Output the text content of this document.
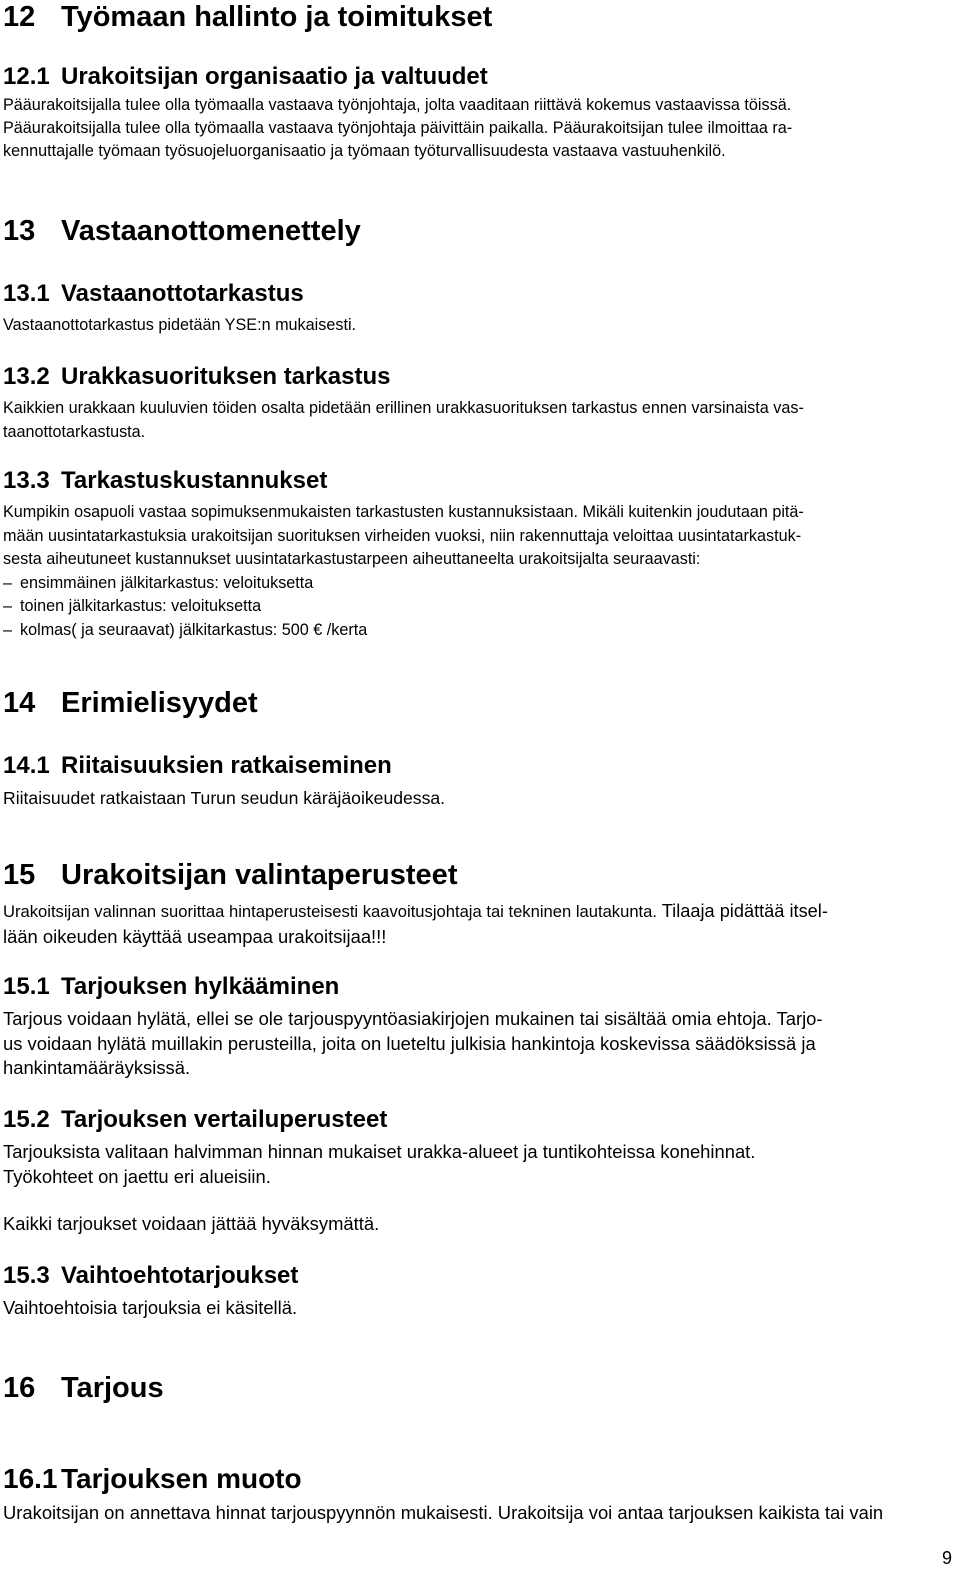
12 Työmaan hallinto ja toimitukset
12.1 Urakoitsijan organisaatio ja valtuudet

Pääurakoitsijalla tulee olla työmaalla vastaava työnjohtaja, jolta vaaditaan riittävä kokemus vastaavissa töissä.

Pääurakoitsijalla tulee olla työmaalla vastaava työnjohtaja päivittäin paikalla. Pääurakoitsijan tulee ilmoittaa ra-

kennuttajalle työmaan työsuojeluorganisaatio ja työmaan työturvallisuudesta vastaava vastuuhenkilö.

13 Vastaanottomenettely
13.1 Vastaanottotarkastus

Vastaanottotarkastus pidetään YSE:n mukaisesti.

13.2 Urakkasuorituksen tarkastus

Kaikkien urakkaan kuuluvien töiden osalta pidetään erillinen urakkasuorituksen tarkastus ennen varsinaista vas-

taanottotarkastusta.

13.3 Tarkastuskustannukset

Kumpikin osapuoli vastaa sopimuksenmukaisten tarkastusten kustannuksistaan. Mikäli kuitenkin joudutaan pitä-

mään uusintatarkastuksia urakoitsijan suorituksen virheiden vuoksi, niin rakennuttaja veloittaa uusintatarkastuk-

sesta aiheutuneet kustannukset uusintatarkastustarpeen aiheuttaneelta urakoitsijalta seuraavasti:

– ensimmäinen jälkitarkastus: veloituksetta
– toinen jälkitarkastus: veloituksetta
– kolmas( ja seuraavat) jälkitarkastus: 500 € /kerta
14 Erimielisyydet
14.1 Riitaisuuksien ratkaiseminen

Riitaisuudet ratkaistaan Turun seudun käräjäoikeudessa.

15 Urakoitsijan valintaperusteet

Urakoitsijan valinnan suorittaa hintaperusteisesti kaavoitusjohtaja tai tekninen lautakunta. Tilaaja pidättää itsel-

lään oikeuden käyttää useampaa urakoitsijaa!!!

15.1 Tarjouksen hylkääminen

Tarjous voidaan hylätä, ellei se ole tarjouspyyntöasiakirjojen mukainen tai sisältää omia ehtoja. Tarjo-

us voidaan hylätä muillakin perusteilla, joita on lueteltu julkisia hankintoja koskevissa säädöksissä ja

hankintamääräyksissä.

15.2 Tarjouksen vertailuperusteet

Tarjouksista valitaan halvimman hinnan mukaiset urakka-alueet ja tuntikohteissa konehinnat.

Työkohteet on jaettu eri alueisiin.

Kaikki tarjoukset voidaan jättää hyväksymättä.

15.3 Vaihtoehtotarjoukset

Vaihtoehtoisia tarjouksia ei käsitellä.

16 Tarjous
16.1 Tarjouksen muoto

Urakoitsijan on annettava hinnat tarjouspyynnön mukaisesti. Urakoitsija voi antaa tarjouksen kaikista tai vain

9
